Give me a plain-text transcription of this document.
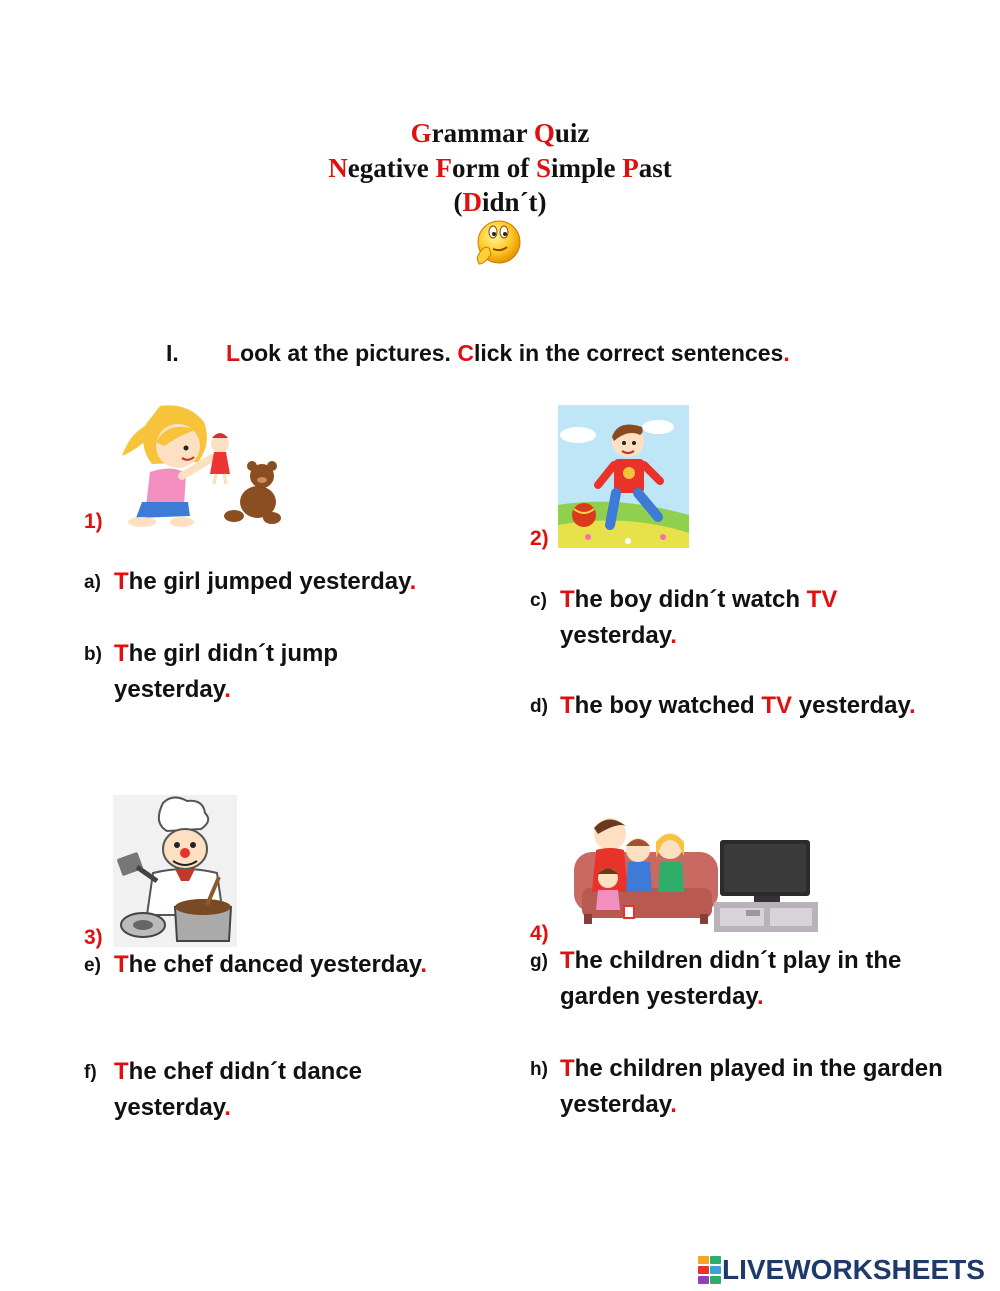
Grammar Quiz
Negative Form of Simple Past
(Didn´t)
I. Look at the pictures. Click in the correct sentences.
1)
a) The girl jumped yesterday.
b) The girl didn´t jump
yesterday.
2)
c) The boy didn´t watch TV
yesterday.
d) The boy watched TV yesterday.
3)
e) The chef danced yesterday.
f) The chef didn´t dance
yesterday.
4)
g) The children didn´t play in the
garden yesterday.
h) The children played in the garden
yesterday.
LIVEWORKSHEETS
